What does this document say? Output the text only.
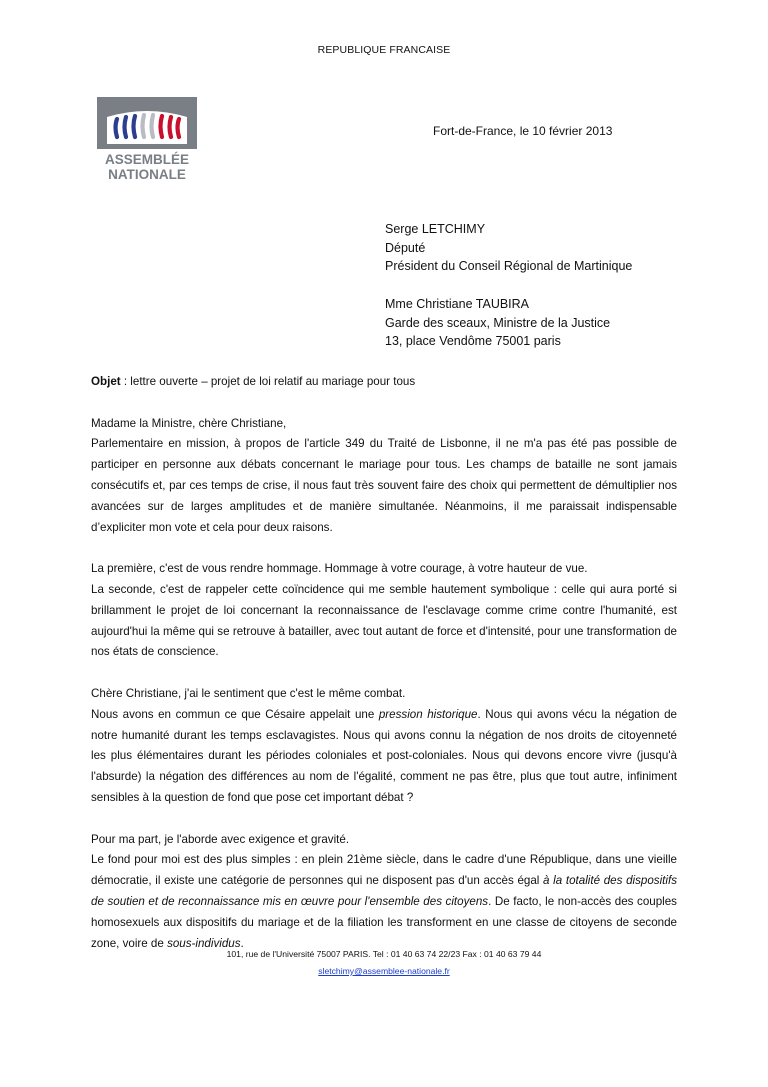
REPUBLIQUE FRANCAISE
ASSEMBLÉE
NATIONALE
Fort-de-France, le 10 février 2013
Serge LETCHIMY
Député
Président du Conseil Régional de Martinique
Mme Christiane TAUBIRA
Garde des sceaux, Ministre de la Justice
13, place Vendôme 75001 paris

Objet : lettre ouverte – projet de loi relatif au mariage pour tous

Madame la Ministre, chère Christiane,

Parlementaire en mission, à propos de l'article 349 du Traité de Lisbonne, il ne m'a pas été pas possible de participer en personne aux débats concernant le mariage pour tous. Les champs de bataille ne sont jamais consécutifs et, par ces temps de crise, il nous faut très souvent faire des choix qui permettent de démultiplier nos avancées sur de larges amplitudes et de manière simultanée. Néanmoins, il me paraissait indispensable d’expliciter mon vote et cela pour deux raisons.

La première, c'est de vous rendre hommage. Hommage à votre courage, à votre hauteur de vue.

La seconde, c'est de rappeler cette coïncidence qui me semble hautement symbolique : celle qui aura porté si brillamment le projet de loi concernant la reconnaissance de l'esclavage comme crime contre l'humanité, est aujourd'hui la même qui se retrouve à batailler, avec tout autant de force et d'intensité, pour une transformation de nos états de conscience.

Chère Christiane, j'ai le sentiment que c'est le même combat.

Nous avons en commun ce que Césaire appelait une pression historique. Nous qui avons vécu la négation de notre humanité durant les temps esclavagistes. Nous qui avons connu la négation de nos droits de citoyenneté les plus élémentaires durant les périodes coloniales et post-coloniales. Nous qui devons encore vivre (jusqu'à l'absurde) la négation des différences au nom de l'égalité, comment ne pas être, plus que tout autre, infiniment sensibles à la question de fond que pose cet important débat ?

Pour ma part, je l'aborde avec exigence et gravité.

Le fond pour moi est des plus simples : en plein 21ème siècle, dans le cadre d'une République, dans une vieille démocratie, il existe une catégorie de personnes qui ne disposent pas d'un accès égal à la totalité des dispositifs de soutien et de reconnaissance mis en œuvre pour l'ensemble des citoyens. De facto, le non-accès des couples homosexuels aux dispositifs du mariage et de la filiation les transforment en une classe de citoyens de seconde zone, voire de sous-individus.

101, rue de l'Université 75007 PARIS. Tel : 01 40 63 74 22/23 Fax : 01 40 63 79 44
sletchimy@assemblee-nationale.fr
